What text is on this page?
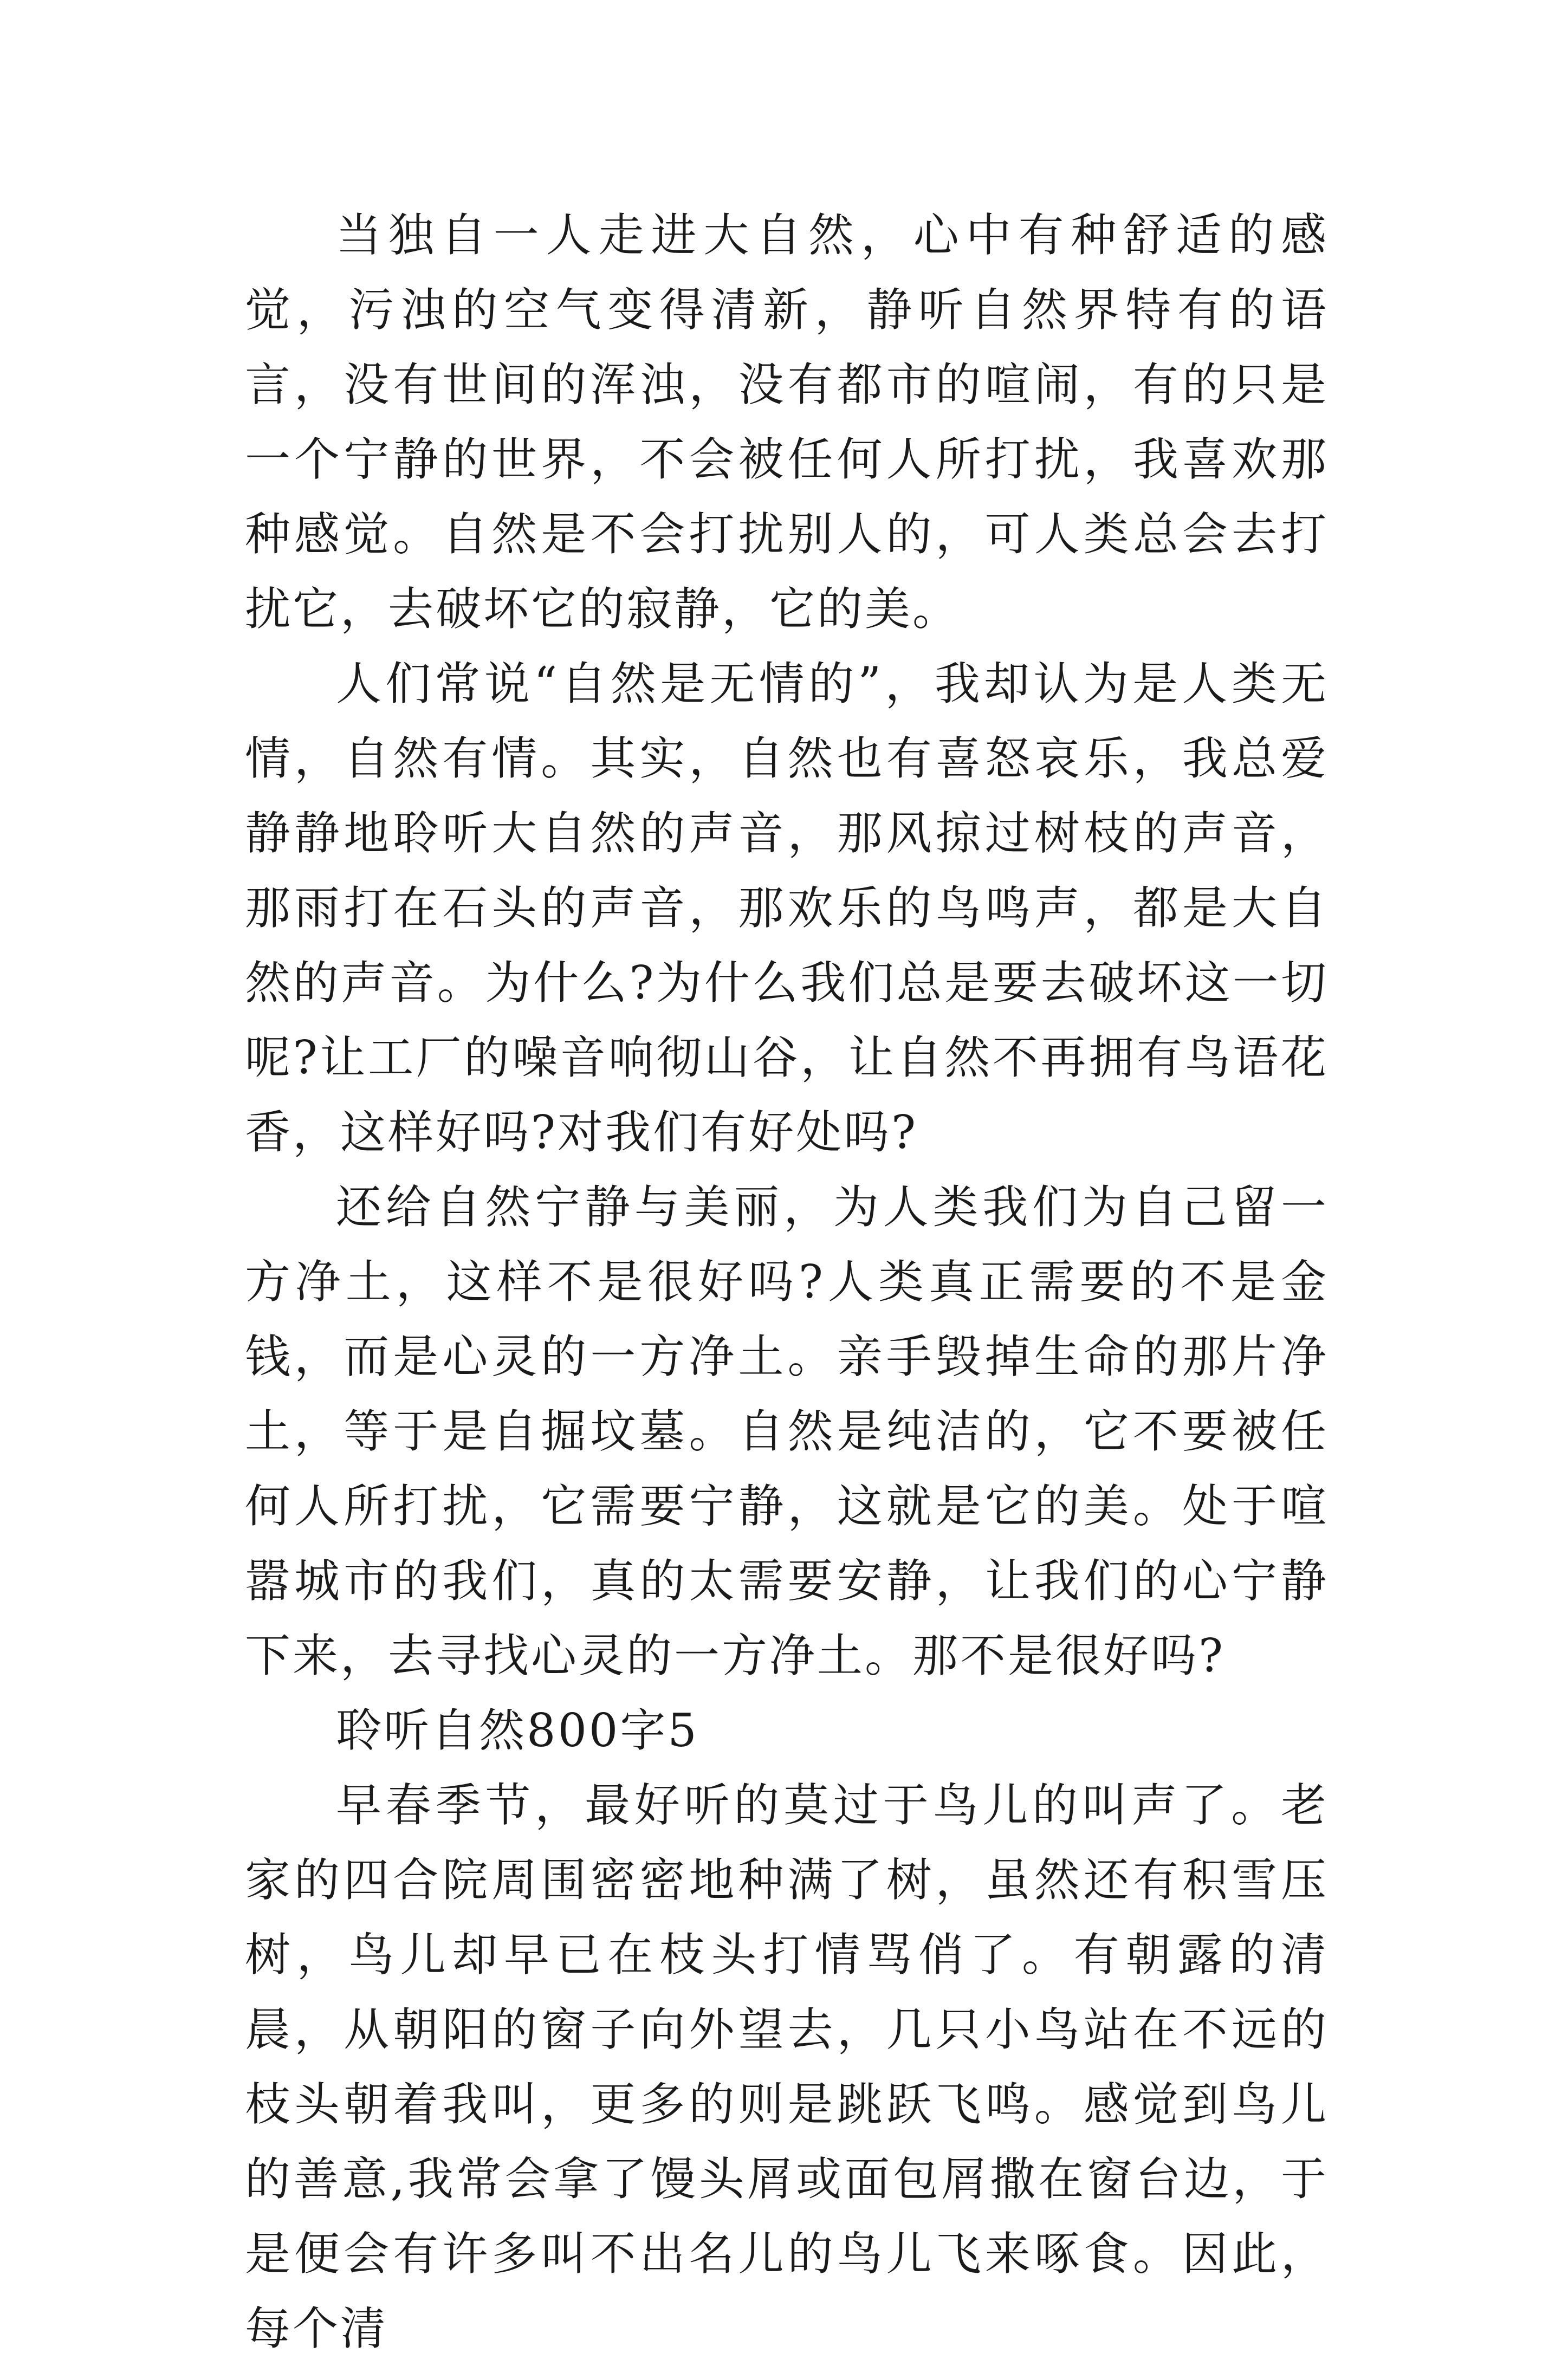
当独自一人走进大自然，心中有种舒适的感觉，污浊的空气变得清新，静听自然界特有的语言，没有世间的浑浊，没有都市的喧闹，有的只是一个宁静的世界，不会被任何人所打扰，我喜欢那种感觉。自然是不会打扰别人的，可人类总会去打扰它，去破坏它的寂静，它的美。

人们常说“自然是无情的”，我却认为是人类无情，自然有情。其实，自然也有喜怒哀乐，我总爱静静地聆听大自然的声音，那风掠过树枝的声音，那雨打在石头的声音，那欢乐的鸟鸣声，都是大自然的声音。为什么?为什么我们总是要去破坏这一切呢?让工厂的噪音响彻山谷，让自然不再拥有鸟语花香，这样好吗?对我们有好处吗?

还给自然宁静与美丽，为人类我们为自己留一方净土，这样不是很好吗?人类真正需要的不是金钱，而是心灵的一方净土。亲手毁掉生命的那片净土，等于是自掘坟墓。自然是纯洁的，它不要被任何人所打扰，它需要宁静，这就是它的美。处于喧嚣城市的我们，真的太需要安静，让我们的心宁静下来，去寻找心灵的一方净土。那不是很好吗?

聆听自然800字5

早春季节，最好听的莫过于鸟儿的叫声了。老家的四合院周围密密地种满了树，虽然还有积雪压树，鸟儿却早已在枝头打情骂俏了。有朝露的清晨，从朝阳的窗子向外望去，几只小鸟站在不远的枝头朝着我叫，更多的则是跳跃飞鸣。感觉到鸟儿的善意,我常会拿了馒头屑或面包屑撒在窗台边，于是便会有许多叫不出名儿的鸟儿飞来啄食。因此，每个清
